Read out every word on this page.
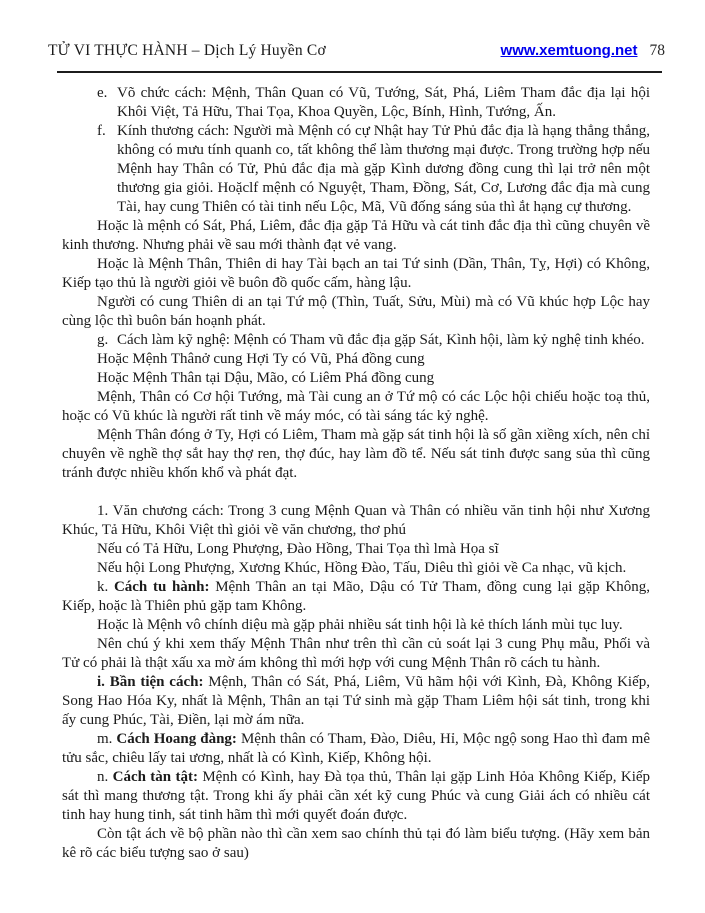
TỬ VI THỰC HÀNH – Dịch Lý Huyền Cơ	www.xemtuong.net 78

e. Võ chức cách: Mệnh, Thân Quan có Vũ, Tướng, Sát, Phá, Liêm Tham đắc địa lại hội Khôi Việt, Tả Hữu, Thai Tọa, Khoa Quyền, Lộc, Bính, Hình, Tướng, Ấn.

f. Kính thương cách: Người mà Mệnh có cự Nhật hay Tử Phủ đắc địa là hạng thẳng thắng, không có mưu tính quanh co, tất không thể làm thương mại được. Trong trường hợp nếu Mệnh hay Thân có Tử, Phủ đắc địa mà gặp Kình dương đồng cung thì lại trở nên một thương gia giỏi. Hoặclf mệnh có Nguyệt, Tham, Đồng, Sát, Cơ, Lương đắc địa mà cung Tài, hay cung Thiên có tài tinh nếu Lộc, Mã, Vũ đống sáng sủa thì ắt hạng cự thương.

Hoặc là mệnh có Sát, Phá, Liêm, đắc địa gặp Tả Hữu và cát tinh đắc địa thì cũng chuyên về kinh thương. Nhưng phải về sau mới thành đạt vẻ vang.

Hoặc là Mệnh Thân, Thiên di hay Tài bạch an tai Tứ sinh (Dần, Thân, Tỵ, Hợi) có Không, Kiếp tạo thủ là người giỏi về buôn đồ quốc cấm, hàng lậu.

Người có cung Thiên di an tại Tứ mộ (Thìn, Tuất, Sửu, Mùi) mà có Vũ khúc hợp Lộc hay cùng lộc thì buôn bán hoạnh phát.

g. Cách làm kỹ nghệ: Mệnh có Tham vũ đắc địa gặp Sát, Kình hội, làm kỷ nghệ tinh khéo.

Hoặc Mệnh Thânở cung Hợi Ty có Vũ, Phá đồng cung

Hoặc Mệnh Thân tại Dậu, Mão, có Liêm Phá đồng cung

Mệnh, Thân có Cơ hội Tướng, mà Tài cung an ở Tứ mộ có các Lộc hội chiếu hoặc toạ thủ, hoặc có Vũ khúc là người rất tinh về máy móc, có tài sáng tác kỷ nghệ.

Mệnh Thân đóng ở Ty, Hợi có Liêm, Tham mà gặp sát tinh hội là số gần xiềng xích, nên chỉ chuyên về nghề thợ sắt hay thợ ren, thợ đúc, hay làm đồ tể. Nếu sát tinh được sang sủa thì cũng tránh được nhiều khốn khổ và phát đạt.

1. Văn chương cách: Trong 3 cung Mệnh Quan và Thân có nhiều văn tinh hội như Xương Khúc, Tả Hữu, Khôi Việt thì giỏi về văn chương, thơ phú

Nếu có Tả Hữu, Long Phượng, Đào Hồng, Thai Tọa thì lmà Họa sĩ

Nếu hội Long Phượng, Xương Khúc, Hồng Đào, Tấu, Diêu thì giỏi về Ca nhạc, vũ kịch.

k. Cách tu hành: Mệnh Thân an tại Mão, Dậu có Tử Tham, đồng cung lại gặp Không, Kiếp, hoặc là Thiên phủ gặp tam Không.

Hoặc là Mệnh vô chính diệu mà gặp phải nhiều sát tinh hội là kẻ thích lánh mùi tục luy.

Nên chú ý khi xem thấy Mệnh Thân như trên thì cần củ soát lại 3 cung Phụ mẫu, Phối và Tử có phải là thật xấu xa mờ ám không thì mới hợp với cung Mệnh Thân rõ cách tu hành.

i. Bần tiện cách: Mệnh, Thân có Sát, Phá, Liêm, Vũ hãm hội với Kình, Đà, Không Kiếp, Song Hao Hóa Ky, nhất là Mệnh, Thân an tại Tứ sinh mà gặp Tham Liêm hội sát tinh, trong khi ấy cung Phúc, Tài, Điền, lại mờ ám nữa.

m. Cách Hoang đàng: Mệnh thân có Tham, Đào, Diêu, Hỉ, Mộc ngộ song Hao thì đam mê tửu sắc, chiêu lấy tai ương, nhất là có Kình, Kiếp, Không hội.

n. Cách tàn tật: Mệnh có Kình, hay Đà tọa thủ, Thân lại gặp Linh Hỏa Không Kiếp, Kiếp sát thì mang thương tật. Trong khi ấy phải cần xét kỹ cung Phúc và cung Giải ách có nhiều cát tinh hay hung tinh, sát tinh hãm thì mới quyết đoán được.

Còn tật ách về bộ phần nào thì cần xem sao chính thủ tại đó làm biểu tượng. (Hãy xem bản kê rõ các biểu tượng sao ở sau)
